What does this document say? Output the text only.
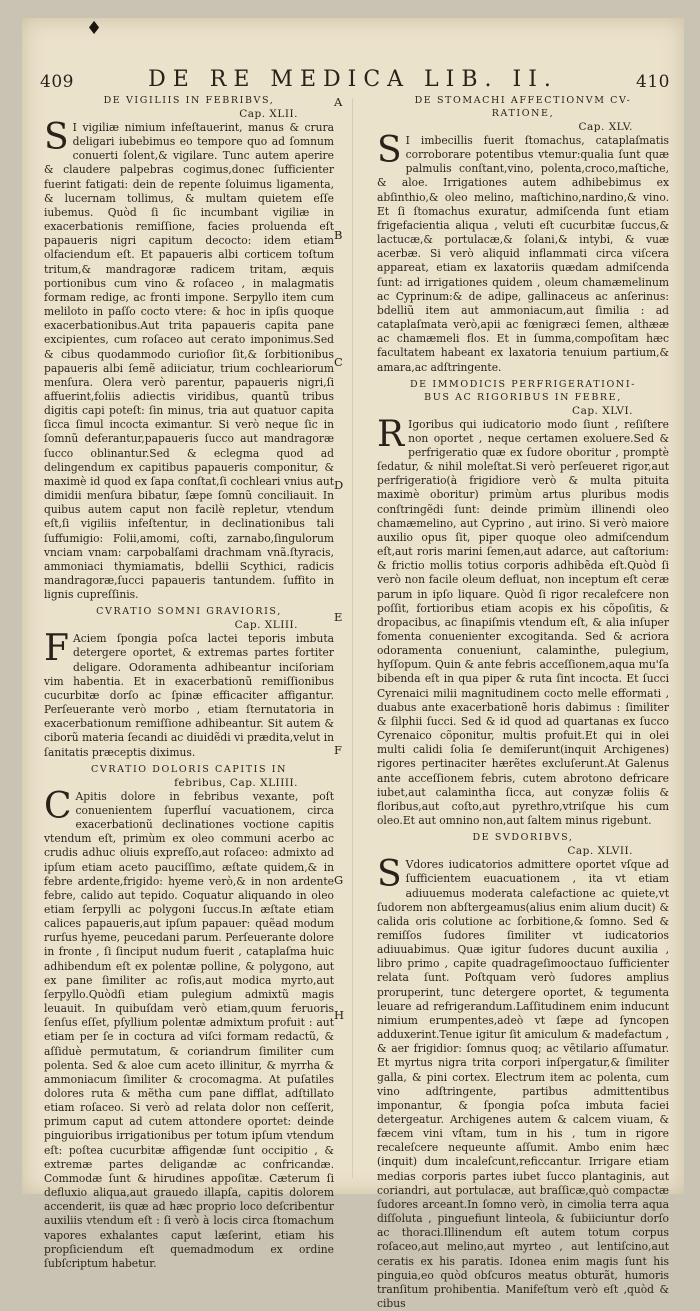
♦
409	DE RE MEDICA LIB. II.	410
A
B
C
D
E
F
G
H
DE VIGILIIS IN FEBRIBVS,
Cap. XLII.

S I vigiliæ nimium infeſtauerint, manus & crura deligari iubebimus eo tempore quo ad ſomnum conuerti ſolent,& vigilare. Tunc autem aperire & claudere palpebras cogimus,donec ſufficienter fuerint fatigati: dein de repente ſoluimus ligamenta, & lucernam tollimus, & multam quietem eſſe iubemus. Quòd ſi ſic incumbant vigiliæ in exacerbationis remiſſione, facies proluenda eſt papaueris nigri capitum decocto: idem etiam olfaciendum eſt. Et papaueris albi corticem toſtum tritum,& mandragoræ radicem tritam, æquis portionibus cum vino & roſaceo , in malagmatis formam redige, ac fronti impone. Serpyllo item cum meliloto in paſſo cocto vtere: & hoc in ipſis quoque exacerbationibus.Aut trita papaueris capita pane excipientes, cum roſaceo aut cerato imponimus.Sed & cibus quodammodo curioſior ſit,& ſorbitionibus papaueris albi ſemẽ adiiciatur, trium cochleariorum menſura. Olera verò parentur, papaueris nigri,ſi affuerint,foliis adiectis viridibus, quantũ tribus digitis capi poteſt: ſin minus, tria aut quatuor capita ſicca ſimul incocta eximantur. Si verò neque ſic in ſomnũ deferantur,papaueris ſucco aut mandragoræ ſucco oblinantur.Sed & eclegma quod ad delingendum ex capitibus papaueris componitur, & maximè id quod ex ſapa conſtat,ſi cochleari vnius aut dimidii menſura bibatur, ſæpe ſomnũ conciliauit. In quibus autem caput non facilè repletur, vtendum eſt,ſi vigiliis infeſtentur, in declinationibus tali ſuffumigio: Folii,amomi, coſti, zarnabo,ſingulorum vnciam vnam: carpobalſami drachmam vnã.ſtyracis, ammoniaci thymiamatis, bdellii Scythici, radicis mandragoræ,ſucci papaueris tantundem. ſuffito in lignis cupreſſinis.

CVRATIO SOMNI GRAVIORIS,
Cap. XLIII.

F Aciem ſpongia poſca lactei teporis imbuta detergere oportet, & extremas partes fortiter deligare. Odoramenta adhibeantur inciſoriam vim habentia. Et in exacerbationũ remiſſionibus cucurbitæ dorſo ac ſpinæ efficaciter affigantur. Perſeuerante verò morbo , etiam ſternutatoria in exacerbationum remiſſione adhibeantur. Sit autem & ciborũ materia ſecandi ac diuidẽdi vi prædita,velut in ſanitatis præceptis diximus.

CVRATIO DOLORIS CAPITIS IN
febribus, Cap. XLIIII.

C Apitis dolore in febribus vexante, poſt conuenientem ſuperfluí vacuationem, circa exacerbationũ declinationes voctione capitis vtendum eſt, primùm ex oleo communi acerbo ac crudis adhuc oliuis expreſſo,aut roſaceo: admixto ad ipſum etiam aceto pauciſſimo, æſtate quidem,& in febre ardente,frigido: hyeme verò,& in non ardente febre, calido aut tepido. Coquatur aliquando in oleo etiam ſerpylli ac polygoni ſuccus.In æſtate etiam calices papaueris,aut ipſum papauer: quẽad modum rurſus hyeme, peucedani parum. Perſeuerante dolore in fronte , ſi ſinciput nudum fuerit , cataplaſma huic adhibendum eſt ex polentæ polline, & polygono, aut ex pane ſimiliter ac roſis,aut modica myrto,aut ſerpyllo.Quòdſi etiam pulegium admixtũ magis leuauit. In quibuſdam verò etiam,quum feruoris ſenſus eſſet, pſyllium polentæ admixtum profuit : aut etiam per ſe in coctura ad viſci formam redactũ, & aſſiduè permutatum, & coriandrum ſimiliter cum polenta. Sed & aloe cum aceto illinitur, & myrrha & ammoniacum ſimiliter & crocomagma. At puſatiles dolores ruta & mẽtha cum pane difflat, adſtillato etiam roſaceo. Si verò ad relata dolor non ceſſerit, primum caput ad cutem attondere oportet: deinde pinguioribus irrigationibus per totum ipſum vtendum eſt: poſtea cucurbitæ affigendæ ſunt occipitio , & extremæ partes deligandæ ac confricandæ. Commodæ ſunt & hirudines appoſitæ. Cæterum ſi defluxio aliqua,aut grauedo illapſa, capitis dolorem accenderit, iis quæ ad hæc proprio loco deſcribentur auxiliis vtendum eſt : ſi verò à locis circa ſtomachum vapores exhalantes caput læſerint, etiam his propſiciendum eſt quemadmodum ex ordine ſubſcriptum habetur.

DE STOMACHI AFFECTIONVM CV-
RATIONE,
Cap. XLV.

S I imbecillis fuerit ſtomachus, cataplaſmatis corroborare potentibus vtemur:qualia ſunt quæ palmulis conſtant,vino, polenta,croco,maſtiche, & aloe. Irrigationes autem adhibebimus ex abſinthio,& oleo melino, maſtichino,nardino,& vino. Et ſi ſtomachus exuratur, admiſcenda ſunt etiam frigefacientia aliqua , veluti eſt cucurbitæ ſuccus,& lactucæ,& portulacæ,& ſolani,& intybi, & vuæ acerbæ. Si verò aliquid inflammati circa viſcera appareat, etiam ex laxatoriis quædam admiſcenda ſunt: ad irrigationes quidem , oleum chamæmelinum ac Cyprinum:& de adipe, gallinaceus ac anſerinus: bdelliũ item aut ammoniacum,aut ſimilia : ad cataplaſmata verò,apii ac fœnigræci ſemen, althææ ac chamæmeli flos. Et in ſumma,compoſitam hæc facultatem habeant ex laxatoria tenuium partium,& amara,ac adſtringente.

DE IMMODICIS PERFRIGERATIONI-
BUS AC RIGORIBUS IN FEBRE,
Cap. XLVI.

R Igoribus qui iudicatorio modo ſiunt , reſiſtere non oportet , neque certamen exoluere.Sed & perfrigeratio quæ ex ſudore oboritur , promptè ſedatur, & nihil moleſtat.Si verò perſeueret rigor,aut perfrigeratio(à frigidiore verò & multa pituita maximè oboritur) primùm artus pluribus modis conſtringẽdi ſunt: deinde primùm illinendi oleo chamæmelino, aut Cyprino , aut irino. Si verò maiore auxilio opus ſit, piper quoque oleo admiſcendum eſt,aut roris marini ſemen,aut adarce, aut caſtorium: & frictio mollis totius corporis adhibẽda eſt.Quòd ſi verò non facile oleum defluat, non inceptum eſt ceræ parum in ipſo liquare. Quòd ſi rigor recalefcere non poſſit, fortioribus etiam acopis ex his cõpoſitis, & dropacibus, ac ſinapiſmis vtendum eſt, & alia inſuper fomenta conuenienter excogitanda. Sed & acriora odoramenta conueniunt, calaminthe, pulegium, hyſſopum. Quin & ante febris acceſſionem,aqua mu'ſa bibenda eſt in qua piper & ruta ſint incocta. Et ſucci Cyrenaici milii magnitudinem cocto melle efformati , duabus ante exacerbationẽ horis dabimus : ſimiliter & ſilphii ſucci. Sed & id quod ad quartanas ex ſucco Cyrenaico cõponitur, multis profuit.Et qui in olei multi calidi ſolia ſe demiſerunt(inquit Archigenes) rigores pertinaciter hærẽtes excluſerunt.At Galenus ante acceſſionem febris, cutem abrotono defricare iubet,aut calamintha ſicca, aut conyzæ foliis & floribus,aut coſto,aut pyrethro,vtriſque his cum oleo.Et aut omnino non,aut ſaltem minus rigebunt.

DE SVDORIBVS,
Cap. XLVII.

S Vdores iudicatorios admittere oportet vſque ad ſufficientem euacuationem , ita vt etiam adiuuemus moderata calefactione ac quiete,vt ſudorem non abſtergeamus(alius enim alium ducit) & calida oris colutione ac ſorbitione,& ſomno. Sed & remiſſos ſudores ſimiliter vt iudicatorios adiuuabimus. Quæ igitur ſudores ducunt auxilia , libro primo , capite quadrageſimooctauo ſufficienter relata ſunt. Poſtquam verò ſudores amplius proruperint, tunc detergere oportet, & tegumenta leuare ad refrigerandum.Laſſitudinem enim inducunt nimium erumpentes,adeò vt ſæpe ad ſyncopen adduxerint.Tenue igitur ſit amiculum & madefactum , & aer frigidior: ſomnus quoq; ac vẽtilario aſſumatur. Et myrtus nigra trita corpori inſpergatur,& ſimiliter galla, & pini cortex. Electrum item ac polenta, cum vino adſtringente, partibus admittentibus imponantur, & ſpongia poſca imbuta faciei detergeatur. Archigenes autem & calcem viuam, & fæcem vini vſtam, tum in his , tum in rigore recaleſcere nequeunte aſſumit. Ambo enim hæc (inquit) dum incaleſcunt,reficcantur. Irrigare etiam medias corporis partes iubet ſucco plantaginis, aut coriandri, aut portulacæ, aut braſſicæ,quò compactæ ſudores arceant.In ſomno verò, in cimolia terra aqua diſſoluta , pinguefiunt linteola, & ſubiiciuntur dorſo ac thoraci.Illinendum eſt autem totum corpus roſaceo,aut melino,aut myrteo , aut lentiſcino,aut ceratis ex his paratis. Idonea enim magis ſunt his pinguia,eo quòd obſcuros meatus obturãt, humoris tranſitum prohibentia. Manifeſtum verò eſt ,quòd & cibus
